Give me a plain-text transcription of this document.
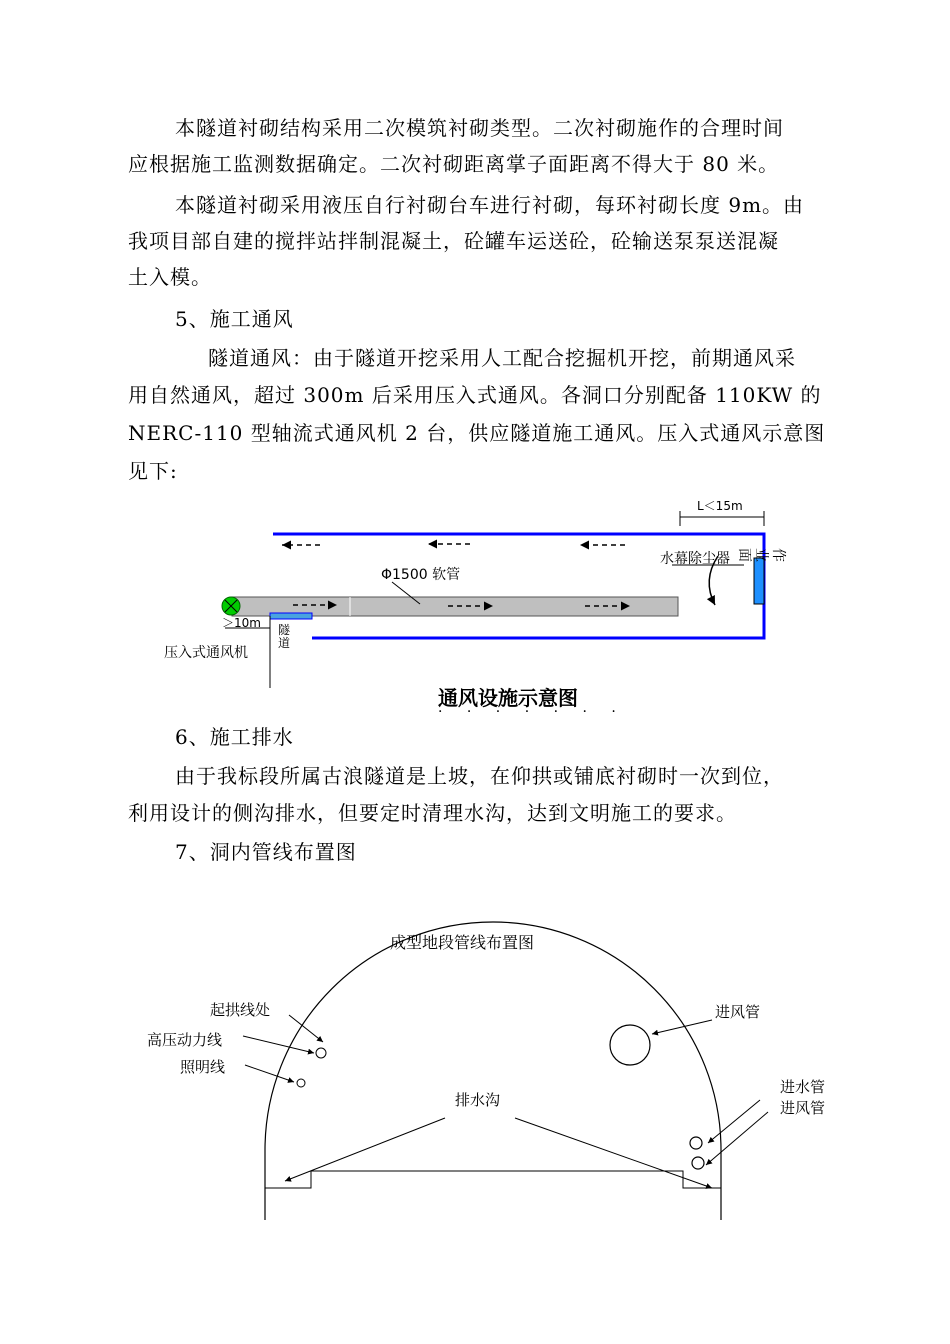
本隧道衬砌结构采用二次模筑衬砌类型。二次衬砌施作的合理时间
应根据施工监测数据确定。二次衬砌距离掌子面距离不得大于 80 米。
本隧道衬砌采用液压自行衬砌台车进行衬砌，每环衬砌长度 9m。由
我项目部自建的搅拌站拌制混凝土，砼罐车运送砼，砼输送泵泵送混凝
土入模。
5、施工通风
隧道通风：由于隧道开挖采用人工配合挖掘机开挖，前期通风采
用自然通风，超过 300m 后采用压入式通风。各洞口分别配备 110KW 的
NERC-110 型轴流式通风机 2 台，供应隧道施工通风。压入式通风示意图
见下:
L＜15m
Φ1500 软管
水幕除尘器	作业面
＞10m 隧道
压入式通风机
通风设施示意图
· · · · · · ·
6、施工排水
由于我标段所属古浪隧道是上坡，在仰拱或铺底衬砌时一次到位，
利用设计的侧沟排水，但要定时清理水沟，达到文明施工的要求。
7、洞内管线布置图
成型地段管线布置图
起拱线处
高压动力线
照明线
进风管
排水沟
进水管
进风管
